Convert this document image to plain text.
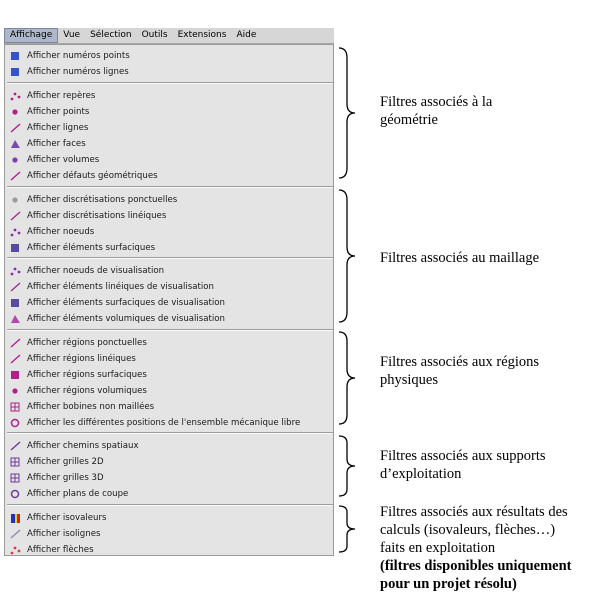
Affichage	Vue	Sélection	Outils	Extensions	Aide
Afficher numéros points
Afficher numéros lignes
Afficher repères
Afficher points
Afficher lignes
Afficher faces
Afficher volumes
Afficher défauts géométriques
Afficher discrétisations ponctuelles
Afficher discrétisations linéiques
Afficher noeuds
Afficher éléments surfaciques
Afficher noeuds de visualisation
Afficher éléments linéiques de visualisation
Afficher éléments surfaciques de visualisation
Afficher éléments volumiques de visualisation
Afficher régions ponctuelles
Afficher régions linéiques
Afficher régions surfaciques
Afficher régions volumiques
Afficher bobines non maillées
Afficher les différentes positions de l'ensemble mécanique libre
Afficher chemins spatiaux
Afficher grilles 2D
Afficher grilles 3D
Afficher plans de coupe
Afficher isovaleurs
Afficher isolignes
Afficher flèches
Filtres associés à la
géométrie
Filtres associés au maillage
Filtres associés aux régions
physiques
Filtres associés aux supports
d’exploitation
Filtres associés aux résultats des
calculs (isovaleurs, flèches…)
faits en exploitation
(filtres disponibles uniquement
pour un projet résolu)
